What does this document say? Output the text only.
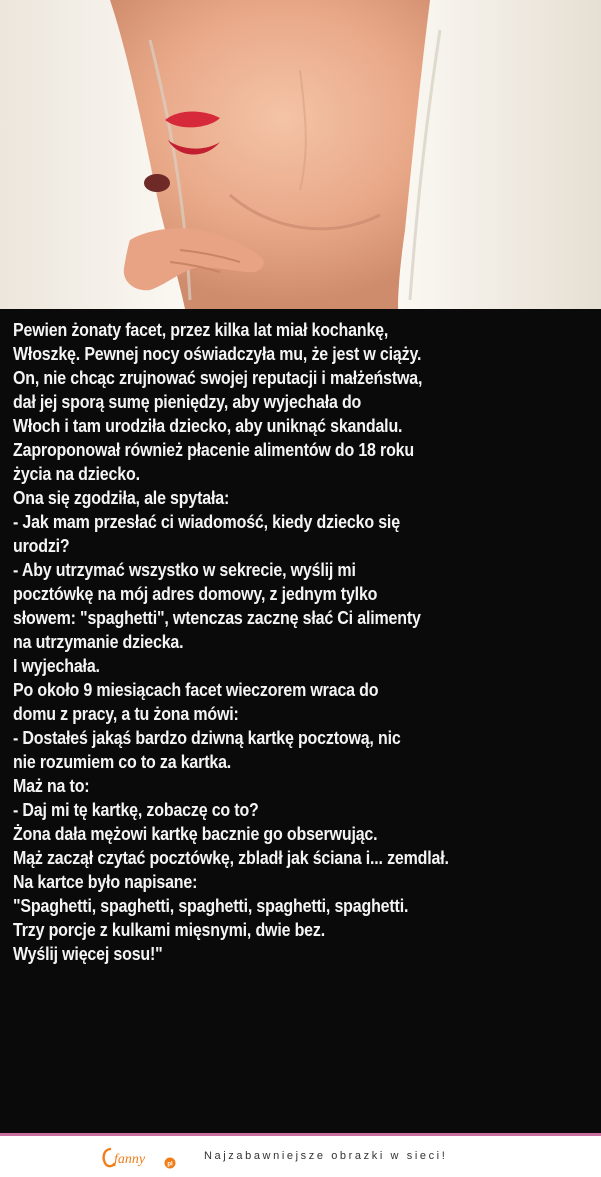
Pewien żonaty facet, przez kilka lat miał kochankę,
Włoszkę. Pewnej nocy oświadczyła mu, że jest w ciąży.
On, nie chcąc zrujnować swojej reputacji i małżeństwa,
dał jej sporą sumę pieniędzy, aby wyjechała do
Włoch i tam urodziła dziecko, aby uniknąć skandalu.
Zaproponował również płacenie alimentów do 18 roku
życia na dziecko.
Ona się zgodziła, ale spytała:
- Jak mam przesłać ci wiadomość, kiedy dziecko się
urodzi?
- Aby utrzymać wszystko w sekrecie, wyślij mi
pocztówkę na mój adres domowy, z jednym tylko
słowem: "spaghetti", wtenczas zacznę słać Ci alimenty
na utrzymanie dziecka.
I wyjechała.
Po około 9 miesiącach facet wieczorem wraca do
domu z pracy, a tu żona mówi:
- Dostałeś jakąś bardzo dziwną kartkę pocztową, nic
nie rozumiem co to za kartka.
Maż na to:
- Daj mi tę kartkę, zobaczę co to?
Żona dała mężowi kartkę bacznie go obserwując.
Mąż zaczął czytać pocztówkę, zbladł jak ściana i... zemdlał.
Na kartce było napisane:
"Spaghetti, spaghetti, spaghetti, spaghetti, spaghetti.
Trzy porcje z kulkami mięsnymi, dwie bez.
Wyślij więcej sosu!"
fanny	pl
Najzabawniejsze obrazki w sieci!
